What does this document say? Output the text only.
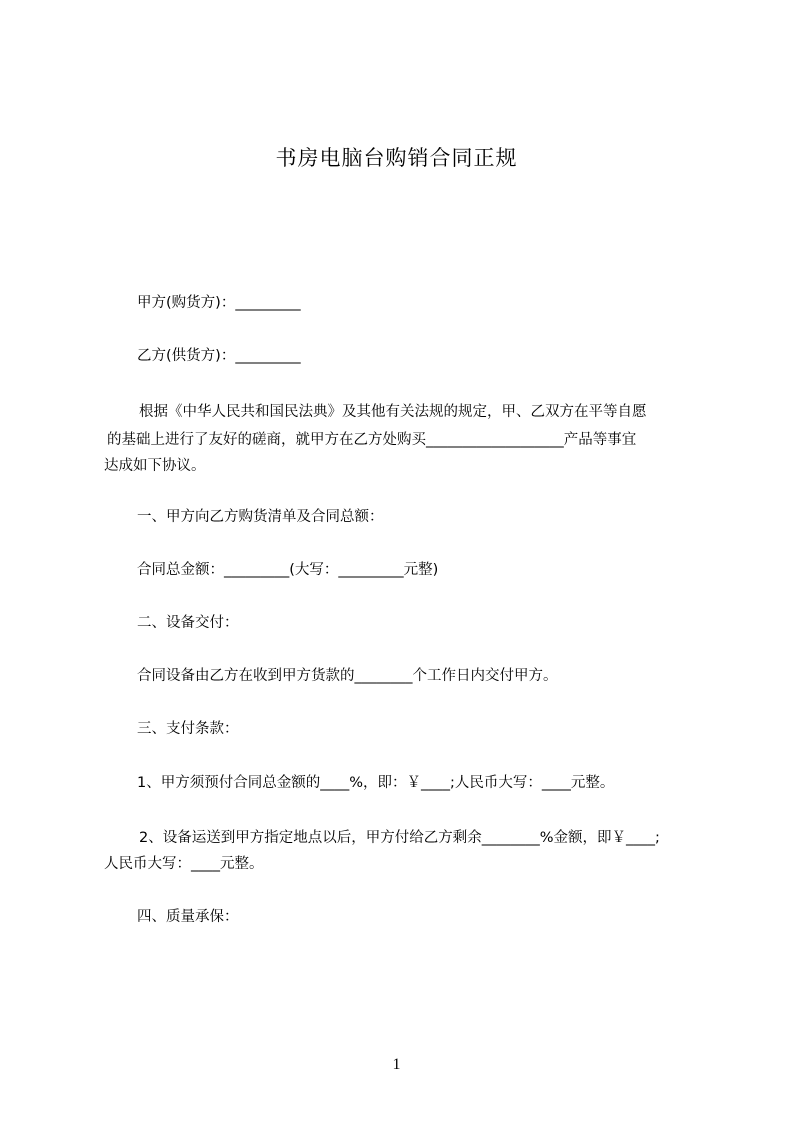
书房电脑台购销合同正规
甲方(购货方)：_________
乙方(供货方)：_________
根据《中华人民共和国民法典》及其他有关法规的规定，甲、乙双方在平等自愿
的基础上进行了友好的磋商，就甲方在乙方处购买___________________产品等事宜
达成如下协议。
一、甲方向乙方购货清单及合同总额：
合同总金额：_________(大写：_________元整)
二、设备交付：
合同设备由乙方在收到甲方货款的________个工作日内交付甲方。
三、支付条款：
1、甲方须预付合同总金额的____%，即：￥____;人民币大写：____元整。
2、设备运送到甲方指定地点以后，甲方付给乙方剩余________%金额，即￥____;
人民币大写：____元整。
四、质量承保：
1
